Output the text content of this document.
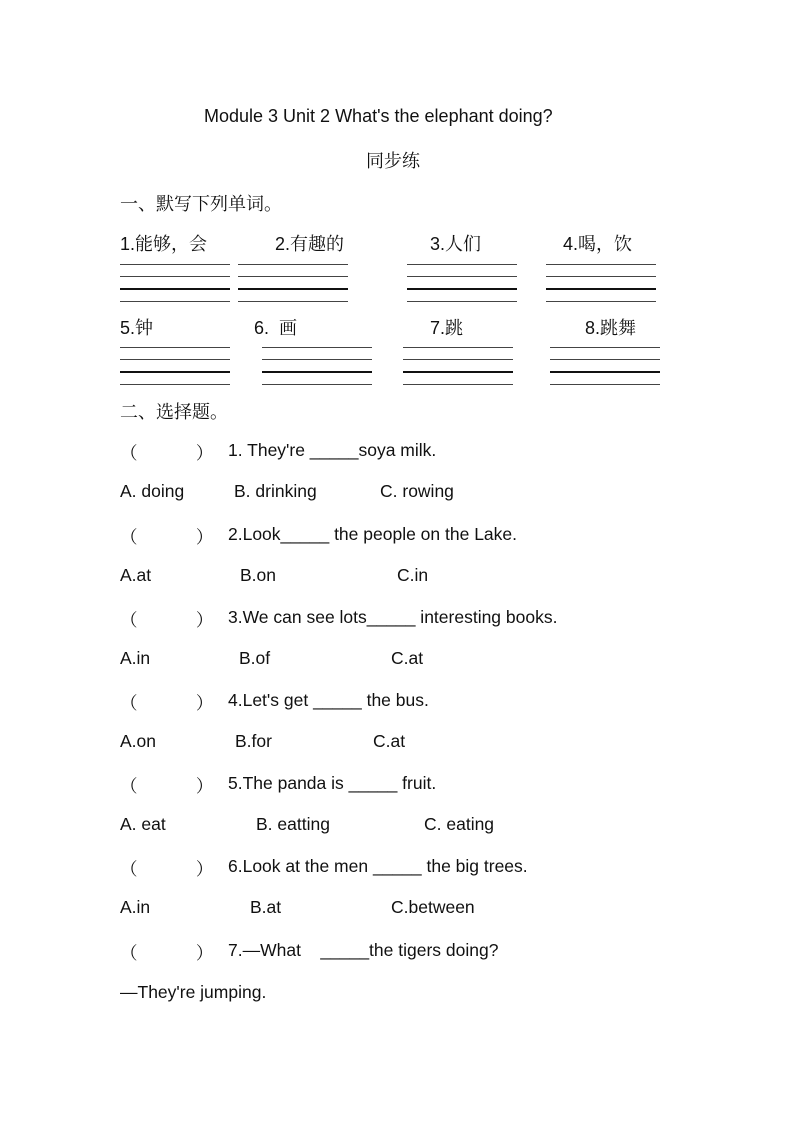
Module 3 Unit 2 What's the elephant doing?
同步练
一、默写下列单词。
1.能够，会	2.有趣的	3.人们	4.喝，饮
5.钟	6.  画	7.跳	8.跳舞
二、选择题。
（            ） 1. They're _____soya milk.
A. doing	B. drinking	C. rowing
（            ） 2.Look_____ the people on the Lake.
A.at	B.on	C.in
（            ） 3.We can see lots_____ interesting books.
A.in	B.of	C.at
（            ） 4.Let's get _____ the bus.
A.on	B.for	C.at
（            ） 5.The panda is _____ fruit.
A. eat	B. eatting	C. eating
（            ） 6.Look at the men _____ the big trees.
A.in	B.at	C.between
（            ） 7.—What    _____the tigers doing?
—They're jumping.
